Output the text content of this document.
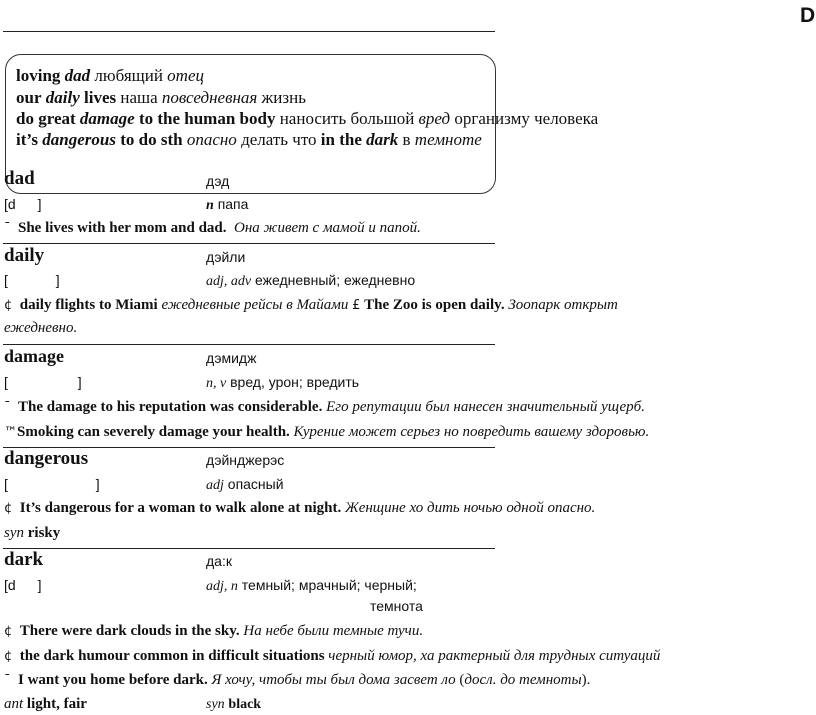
D
loving dad любящий отец
our daily lives наша повседневная жизнь
do great damage to the human body наносить большой вред организму человека
it’s dangerous to do sth опасно делать что in the dark в темноте
dad	дэд
[d ]	n папа
ˉ She lives with her mom and dad. Она живет с мамой и папой.
daily	дэйли
[ ]	adj, adv ежедневный; ежедневно
¢ daily flights to Miami ежедневные рейсы в Майами £ The Zoo is open daily. Зоопарк открыт
ежедневно.
damage	дэмидж
[ ]	n, v вред, урон; вредить
ˉ The damage to his reputation was considerable. Его репутации был нанесен значительный ущерб.
™Smoking can severely damage your health. Курение может серьез но повредить вашему здоровью.
dangerous	дэйнджерэс
[ ]	adj опасный
¢ It’s dangerous for a woman to walk alone at night. Женщине хо дить ночью одной опасно.
syn risky
dark	да:к
[d ]	adj, n темный; мрачный; черный;
темнота
¢ There were dark clouds in the sky. На небе были темные тучи.
¢ the dark humour common in difficult situations черный юмор, ха рактерный для трудных ситуаций
ˉ I want you home before dark. Я хочу, чтобы ты был дома засвет ло (досл. до темноты).
ant light, fair	syn black
